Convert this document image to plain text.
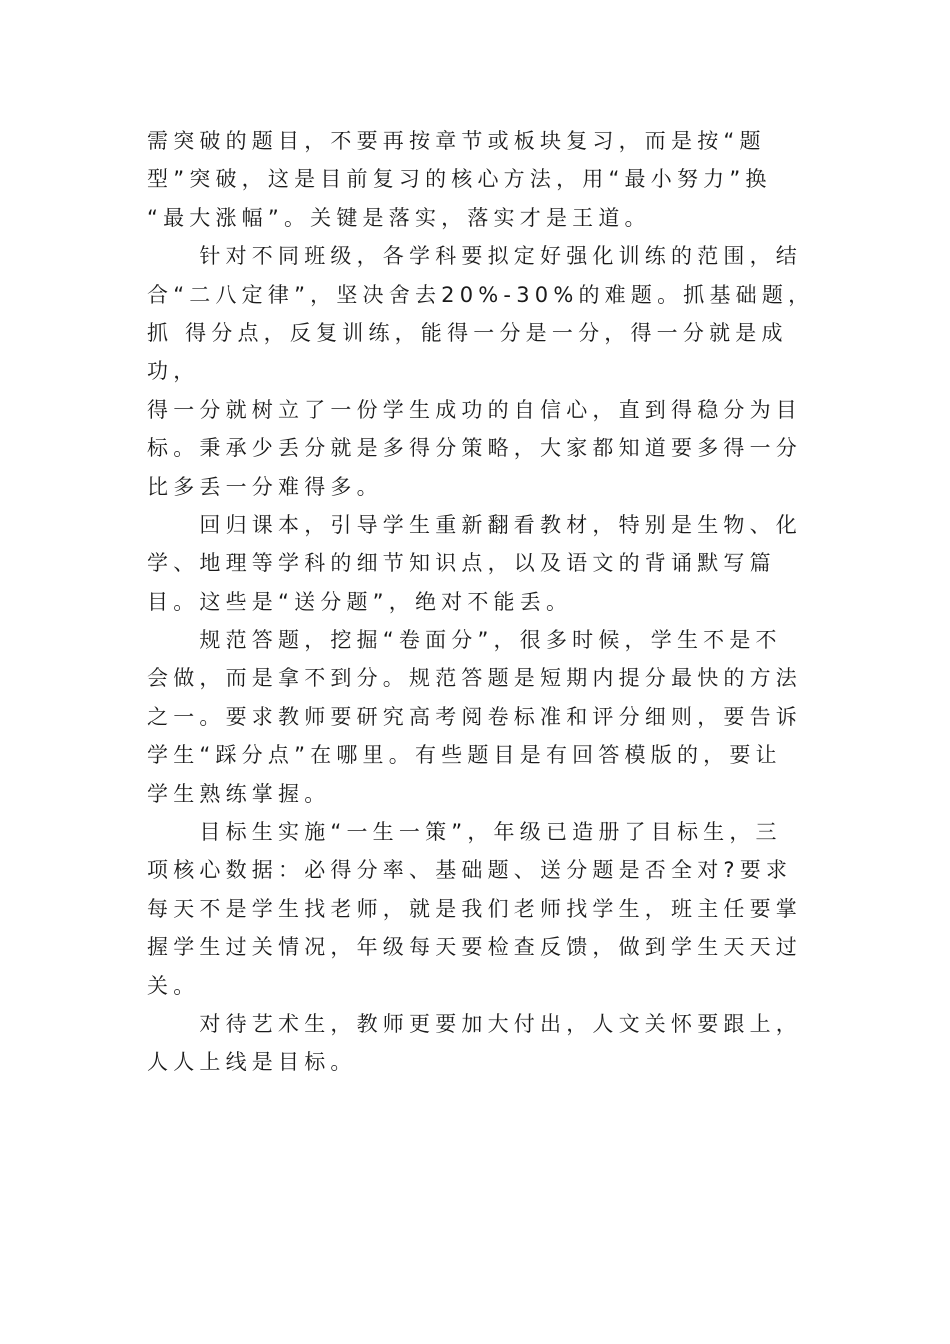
需突破的题目，不要再按章节或板块复习，而是按“题
型”突破，这是目前复习的核心方法，用“最小努力”换
“最大涨幅”。关键是落实，落实才是王道。
　　针对不同班级，各学科要拟定好强化训练的范围，结
合“二八定律”，坚决舍去20%-30%的难题。抓基础题，
抓 得分点，反复训练，能得一分是一分，得一分就是成
功，
得一分就树立了一份学生成功的自信心，直到得稳分为目
标。秉承少丢分就是多得分策略，大家都知道要多得一分
比多丢一分难得多。
　　回归课本，引导学生重新翻看教材，特别是生物、化
学、地理等学科的细节知识点，以及语文的背诵默写篇
目。这些是“送分题”，绝对不能丢。
　　规范答题，挖掘“卷面分”，很多时候，学生不是不
会做，而是拿不到分。规范答题是短期内提分最快的方法
之一。要求教师要研究高考阅卷标准和评分细则，要告诉
学生“踩分点”在哪里。有些题目是有回答模版的，要让
学生熟练掌握。
　　目标生实施“一生一策”，年级已造册了目标生，三
项核心数据：必得分率、基础题、送分题是否全对?要求
每天不是学生找老师，就是我们老师找学生，班主任要掌
握学生过关情况，年级每天要检查反馈，做到学生天天过
关。
　　对待艺术生，教师更要加大付出，人文关怀要跟上，
人人上线是目标。
